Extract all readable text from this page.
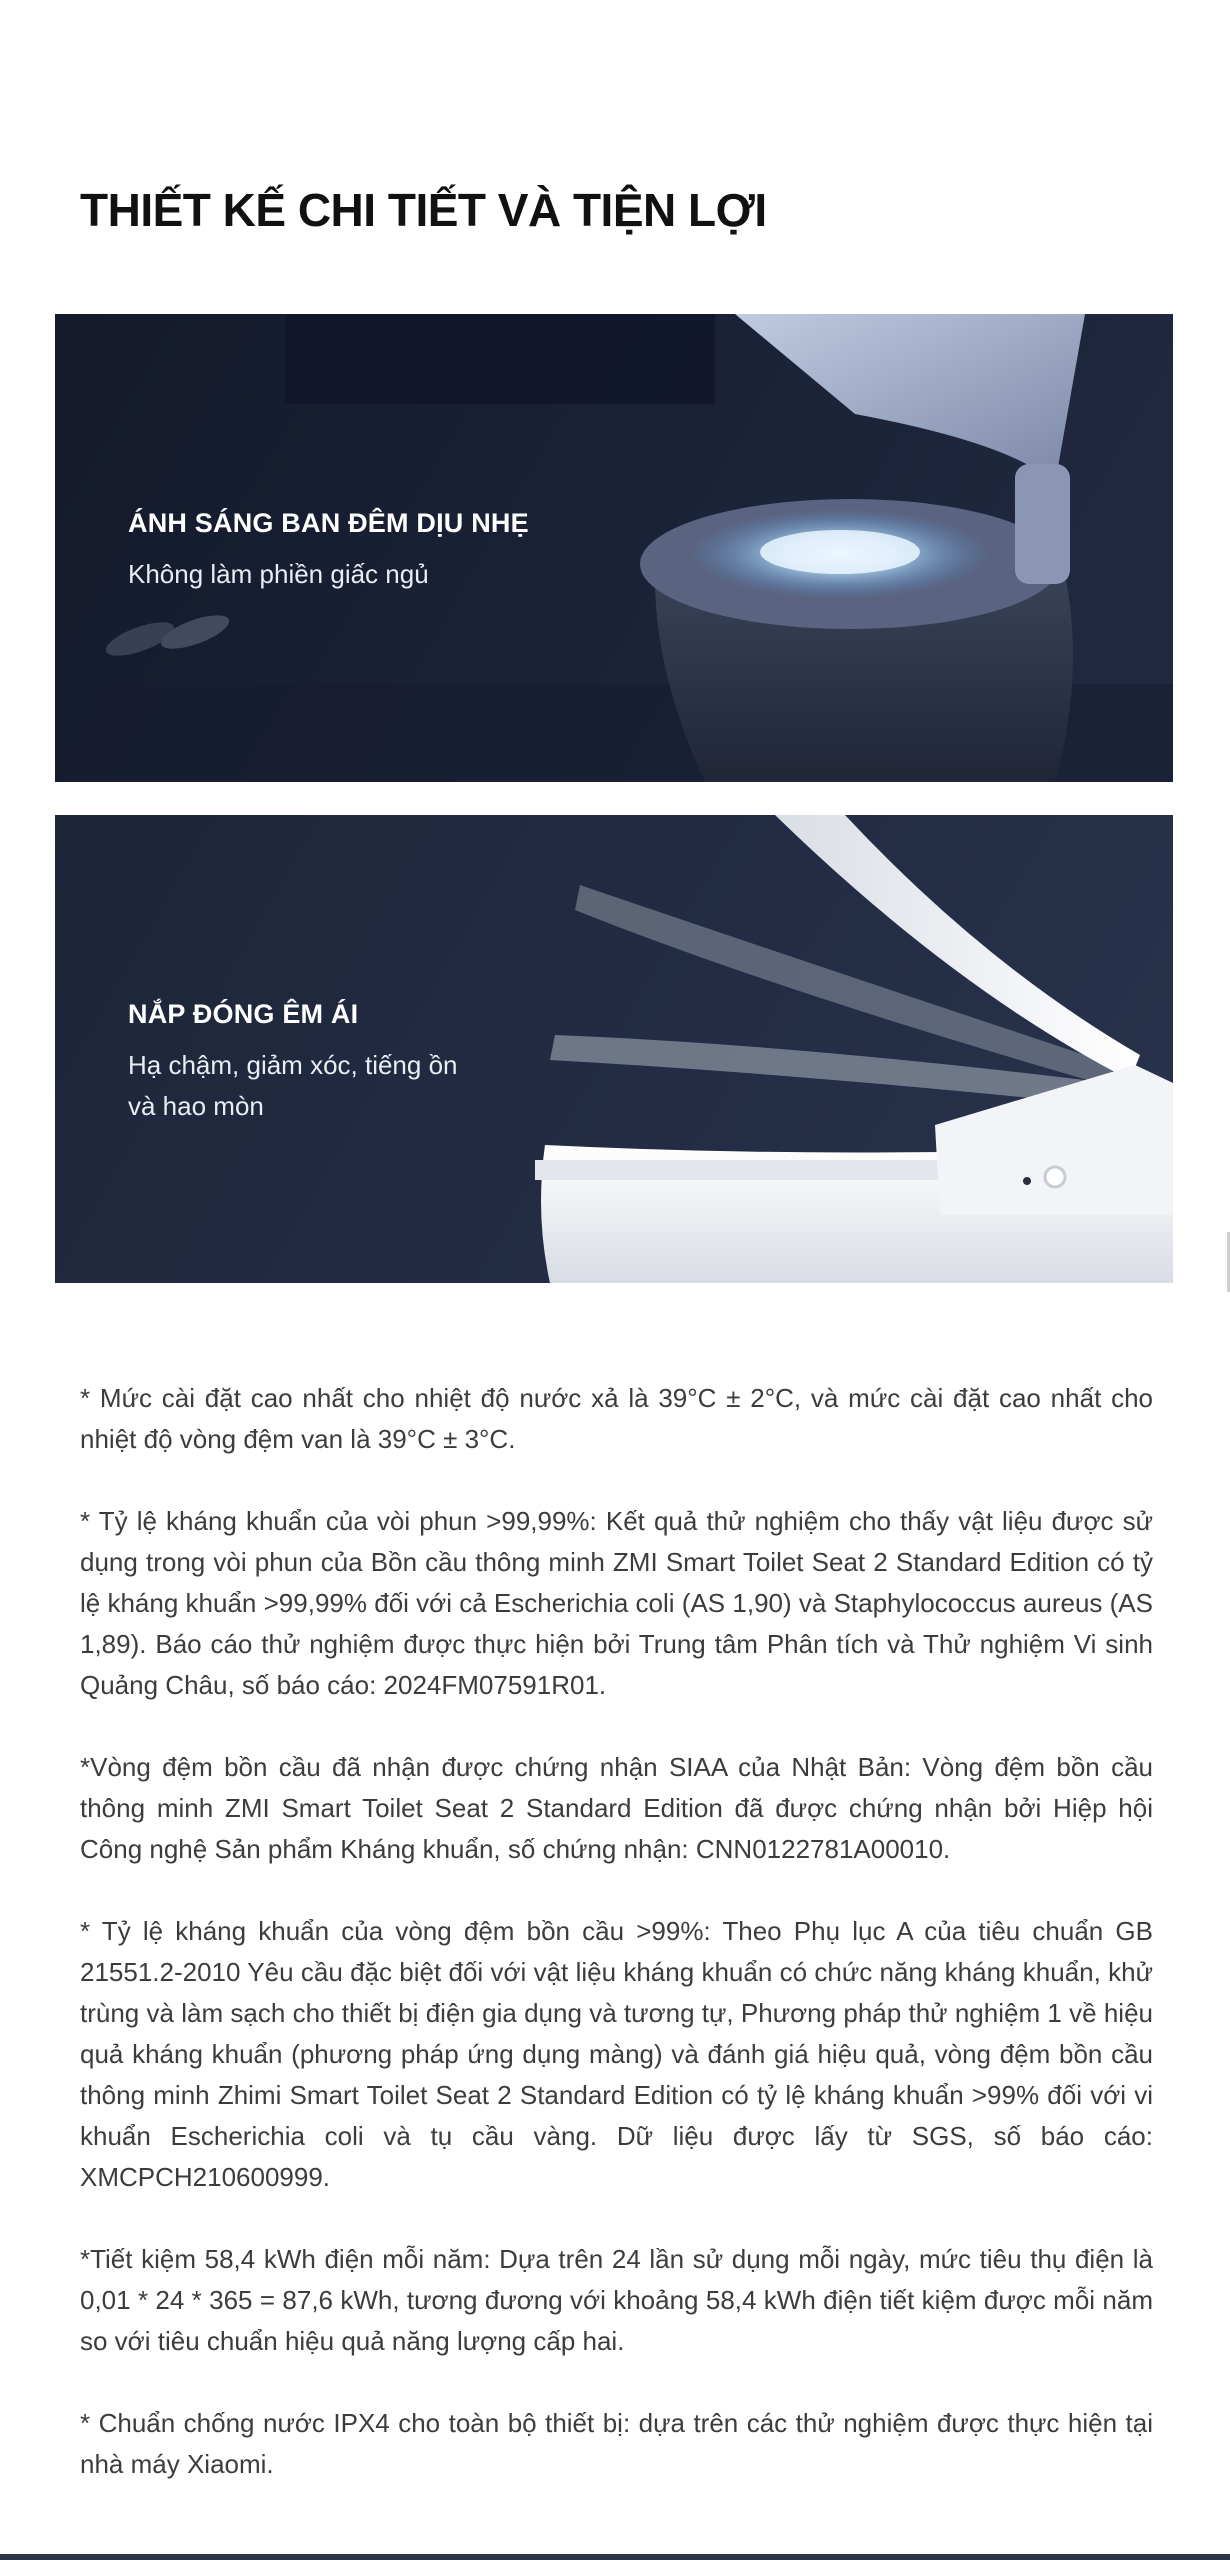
THIẾT KẾ CHI TIẾT VÀ TIỆN LỢI
ÁNH SÁNG BAN ĐÊM DỊU NHẸ

Không làm phiền giấc ngủ

NẮP ĐÓNG ÊM ÁI

Hạ chậm, giảm xóc, tiếng ồn và hao mòn

* Mức cài đặt cao nhất cho nhiệt độ nước xả là 39°C ± 2°C, và mức cài đặt cao nhất cho nhiệt độ vòng đệm van là 39°C ± 3°C.
* Tỷ lệ kháng khuẩn của vòi phun >99,99%: Kết quả thử nghiệm cho thấy vật liệu được sử dụng trong vòi phun của Bồn cầu thông minh ZMI Smart Toilet Seat 2 Standard Edition có tỷ lệ kháng khuẩn >99,99% đối với cả Escherichia coli (AS 1,90) và Staphylococcus aureus (AS 1,89). Báo cáo thử nghiệm được thực hiện bởi Trung tâm Phân tích và Thử nghiệm Vi sinh Quảng Châu, số báo cáo: 2024FM07591R01.
*Vòng đệm bồn cầu đã nhận được chứng nhận SIAA của Nhật Bản: Vòng đệm bồn cầu thông minh ZMI Smart Toilet Seat 2 Standard Edition đã được chứng nhận bởi Hiệp hội Công nghệ Sản phẩm Kháng khuẩn, số chứng nhận: CNN0122781A00010.
* Tỷ lệ kháng khuẩn của vòng đệm bồn cầu >99%: Theo Phụ lục A của tiêu chuẩn GB 21551.2-2010 Yêu cầu đặc biệt đối với vật liệu kháng khuẩn có chức năng kháng khuẩn, khử trùng và làm sạch cho thiết bị điện gia dụng và tương tự, Phương pháp thử nghiệm 1 về hiệu quả kháng khuẩn (phương pháp ứng dụng màng) và đánh giá hiệu quả, vòng đệm bồn cầu thông minh Zhimi Smart Toilet Seat 2 Standard Edition có tỷ lệ kháng khuẩn >99% đối với vi khuẩn Escherichia coli và tụ cầu vàng. Dữ liệu được lấy từ SGS, số báo cáo: XMCPCH210600999.
*Tiết kiệm 58,4 kWh điện mỗi năm: Dựa trên 24 lần sử dụng mỗi ngày, mức tiêu thụ điện là 0,01 * 24 * 365 = 87,6 kWh, tương đương với khoảng 58,4 kWh điện tiết kiệm được mỗi năm so với tiêu chuẩn hiệu quả năng lượng cấp hai.
* Chuẩn chống nước IPX4 cho toàn bộ thiết bị: dựa trên các thử nghiệm được thực hiện tại nhà máy Xiaomi.
